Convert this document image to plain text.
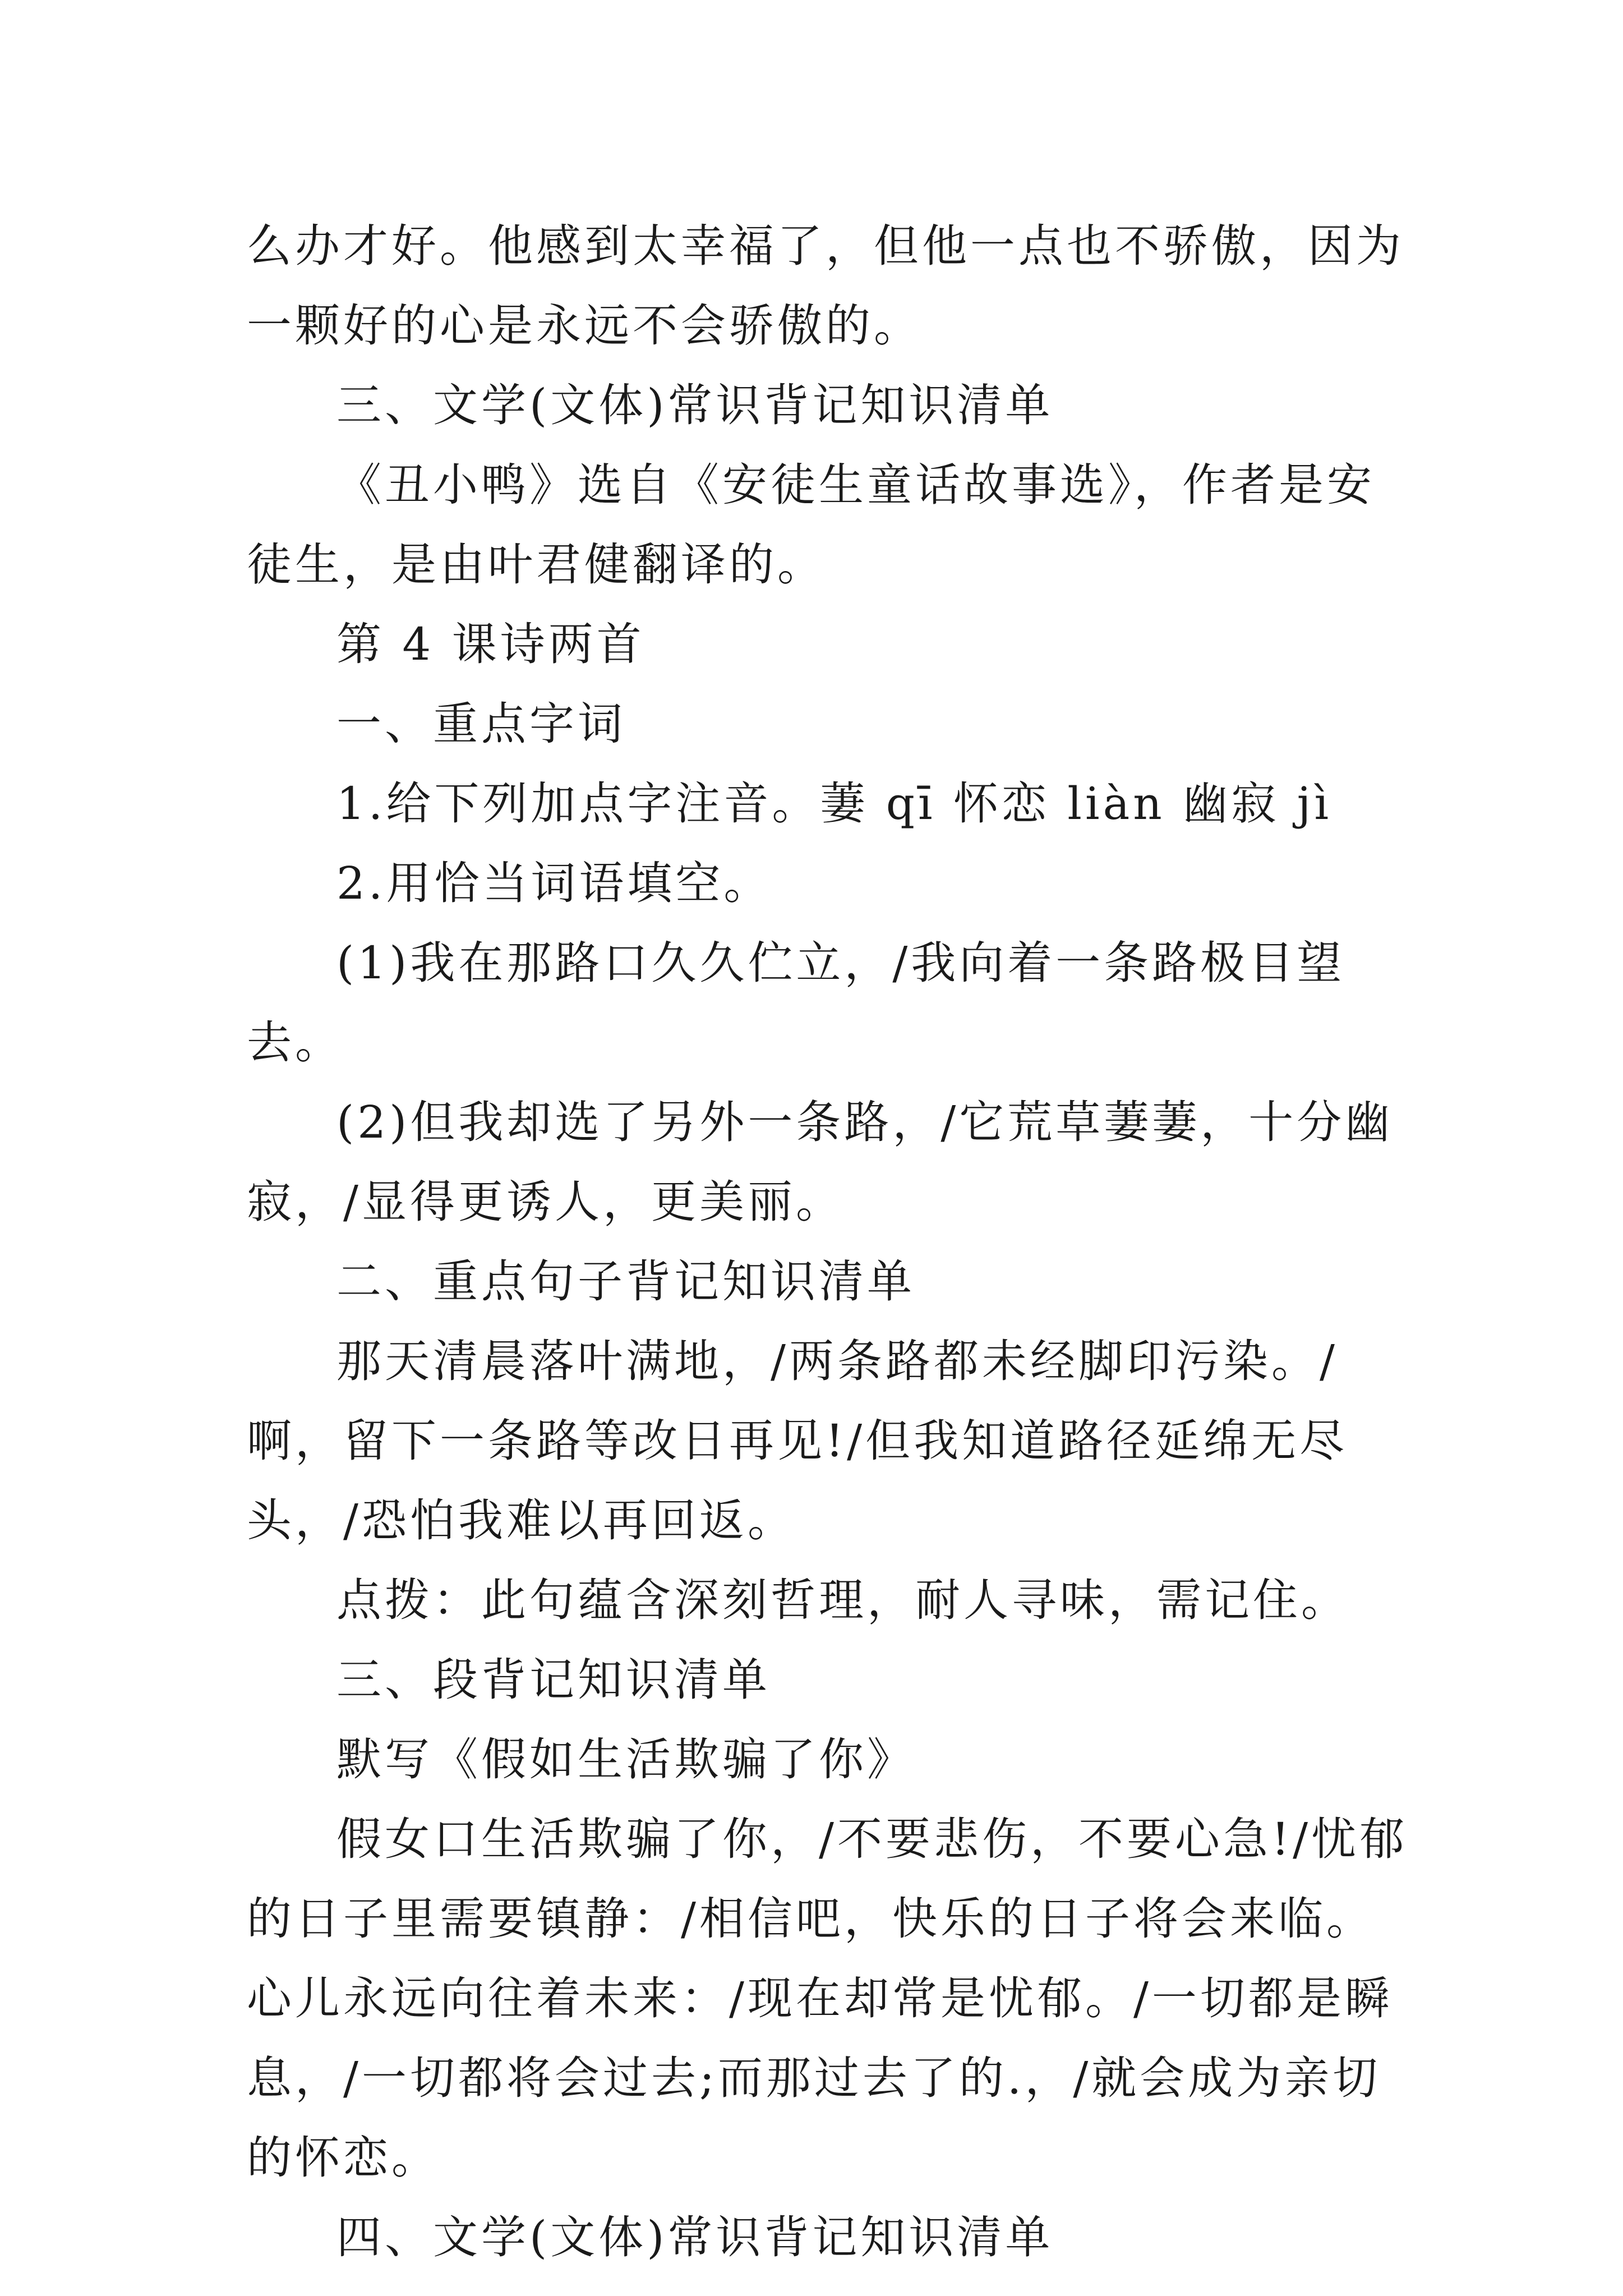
么办才好。他感到太幸福了，但他一点也不骄傲，因为一颗好的心是永远不会骄傲的。

三、文学(文体)常识背记知识清单

《丑小鸭》选自《安徒生童话故事选》，作者是安徒生，是由叶君健翻译的。

第 4 课诗两首

一、重点字词

1.给下列加点字注音。萋 qī 怀恋 liàn 幽寂 jì

2.用恰当词语填空。

(1)我在那路口久久伫立，/我向着一条路极目望去。

(2)但我却选了另外一条路，/它荒草萋萋，十分幽寂，/显得更诱人，更美丽。

二、重点句子背记知识清单

那天清晨落叶满地，/两条路都未经脚印污染。/啊，留下一条路等改日再见!/但我知道路径延绵无尽头，/恐怕我难以再回返。

点拨：此句蕴含深刻哲理，耐人寻味，需记住。

三、段背记知识清单

默写《假如生活欺骗了你》

假女口生活欺骗了你，/不要悲伤，不要心急!/忧郁的日子里需要镇静：/相信吧，快乐的日子将会来临。心儿永远向往着未来：/现在却常是忧郁。/一切都是瞬息，/一切都将会过去;而那过去了的.，/就会成为亲切的怀恋。

四、文学(文体)常识背记知识清单
